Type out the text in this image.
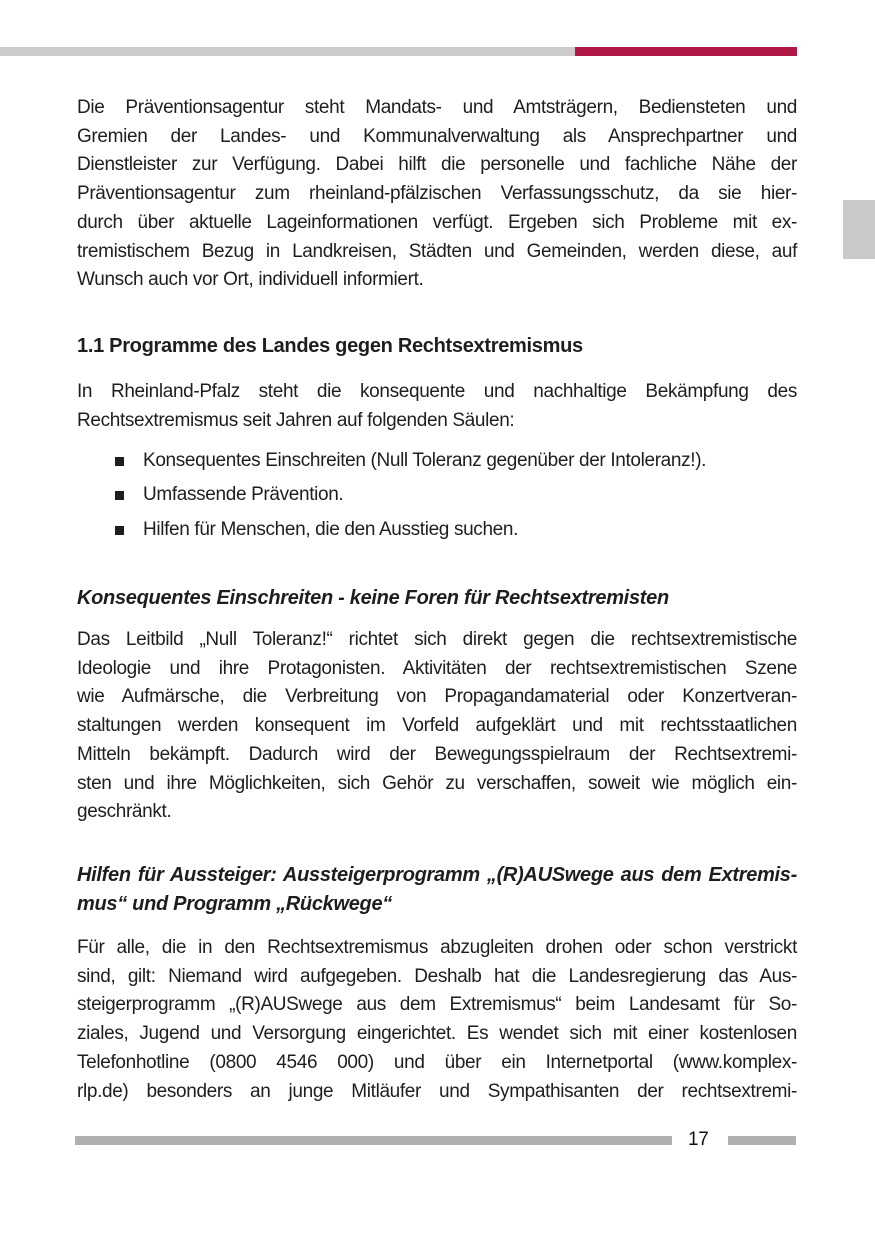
Die Präventionsagentur steht Mandats- und Amtsträgern, Bediensteten und
Gremien der Landes- und Kommunalverwaltung als Ansprechpartner und
Dienstleister zur Verfügung. Dabei hilft die personelle und fachliche Nähe der
Präventionsagentur zum rheinland-pfälzischen Verfassungsschutz, da sie hier-
durch über aktuelle Lageinformationen verfügt. Ergeben sich Probleme mit ex-
tremistischem Bezug in Landkreisen, Städten und Gemeinden, werden diese, auf
Wunsch auch vor Ort, individuell informiert.
1.1 Programme des Landes gegen Rechtsextremismus
In Rheinland-Pfalz steht die konsequente und nachhaltige Bekämpfung des
Rechtsextremismus seit Jahren auf folgenden Säulen:
Konsequentes Einschreiten (Null Toleranz gegenüber der Intoleranz!).
Umfassende Prävention.
Hilfen für Menschen, die den Ausstieg suchen.
Konsequentes Einschreiten - keine Foren für Rechtsextremisten
Das Leitbild „Null Toleranz!“ richtet sich direkt gegen die rechtsextremistische
Ideologie und ihre Protagonisten. Aktivitäten der rechtsextremistischen Szene
wie Aufmärsche, die Verbreitung von Propagandamaterial oder Konzertveran-
staltungen werden konsequent im Vorfeld aufgeklärt und mit rechtsstaatlichen
Mitteln bekämpft. Dadurch wird der Bewegungsspielraum der Rechtsextremi-
sten und ihre Möglichkeiten, sich Gehör zu verschaffen, soweit wie möglich ein-
geschränkt.
Hilfen für Aussteiger: Aussteigerprogramm „(R)AUSwege aus dem Extremis-
mus“ und Programm „Rückwege“
Für alle, die in den Rechtsextremismus abzugleiten drohen oder schon verstrickt
sind, gilt: Niemand wird aufgegeben. Deshalb hat die Landesregierung das Aus-
steigerprogramm „(R)AUSwege aus dem Extremismus“ beim Landesamt für So-
ziales, Jugend und Versorgung eingerichtet. Es wendet sich mit einer kostenlosen
Telefonhotline (0800 4546 000) und über ein Internetportal (www.komplex-
rlp.de) besonders an junge Mitläufer und Sympathisanten der rechtsextremi-
17
